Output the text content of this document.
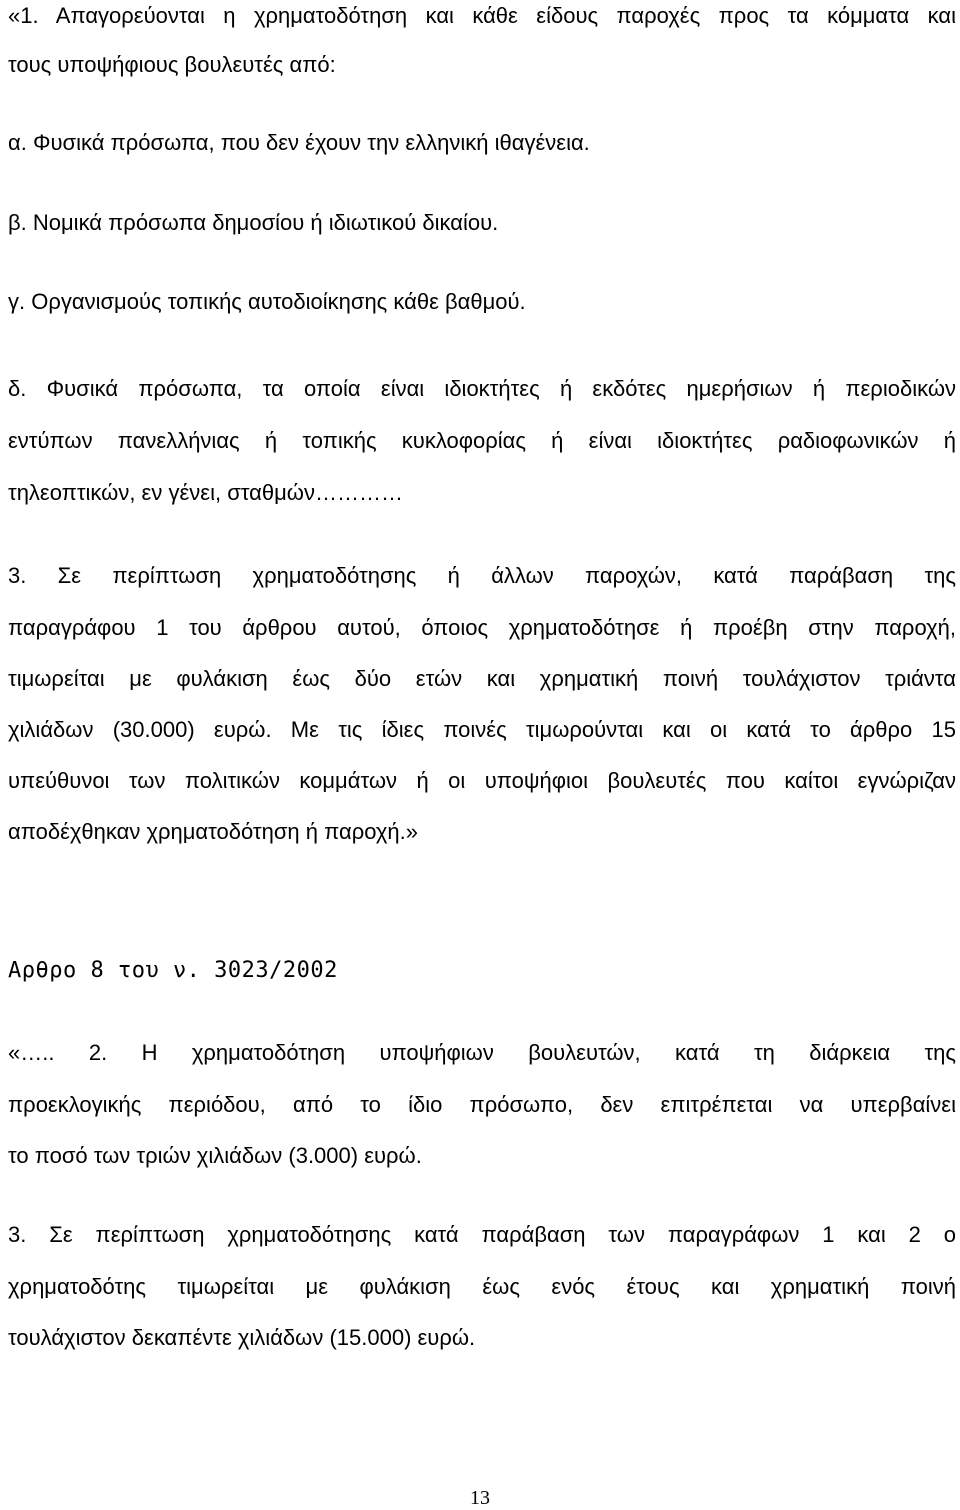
«1. Απαγορεύονται η χρηματοδότηση και κάθε είδους παροχές προς τα κόμματα και
τους υποψήφιους βουλευτές από:
α. Φυσικά πρόσωπα, που δεν έχουν την ελληνική ιθαγένεια.
β. Νομικά πρόσωπα δημοσίου ή ιδιωτικού δικαίου.
γ. Οργανισμούς τοπικής αυτοδιοίκησης κάθε βαθμού.
δ. Φυσικά πρόσωπα, τα οποία είναι ιδιοκτήτες ή εκδότες ημερήσιων ή περιοδικών
εντύπων πανελλήνιας ή τοπικής κυκλοφορίας ή είναι ιδιοκτήτες ραδιοφωνικών ή
τηλεοπτικών, εν γένει, σταθμών…………
3. Σε περίπτωση χρηματοδότησης ή άλλων παροχών, κατά παράβαση της
παραγράφου 1 του άρθρου αυτού, όποιος χρηματοδότησε ή προέβη στην παροχή,
τιμωρείται με φυλάκιση έως δύο ετών και χρηματική ποινή τουλάχιστον τριάντα
χιλιάδων (30.000) ευρώ. Με τις ίδιες ποινές τιμωρούνται και οι κατά το άρθρο 15
υπεύθυνοι των πολιτικών κομμάτων ή οι υποψήφιοι βουλευτές που καίτοι εγνώριζαν
αποδέχθηκαν χρηματοδότηση ή παροχή.»
Αρθρο 8 του ν. 3023/2002
«….. 2. Η χρηματοδότηση υποψήφιων βουλευτών, κατά τη διάρκεια της
προεκλογικής περιόδου, από το ίδιο πρόσωπο, δεν επιτρέπεται να υπερβαίνει
το ποσό των τριών χιλιάδων (3.000) ευρώ.
3. Σε περίπτωση χρηματοδότησης κατά παράβαση των παραγράφων 1 και 2 ο
χρηματοδότης τιμωρείται με φυλάκιση έως ενός έτους και χρηματική ποινή
τουλάχιστον δεκαπέντε χιλιάδων (15.000) ευρώ.
13
